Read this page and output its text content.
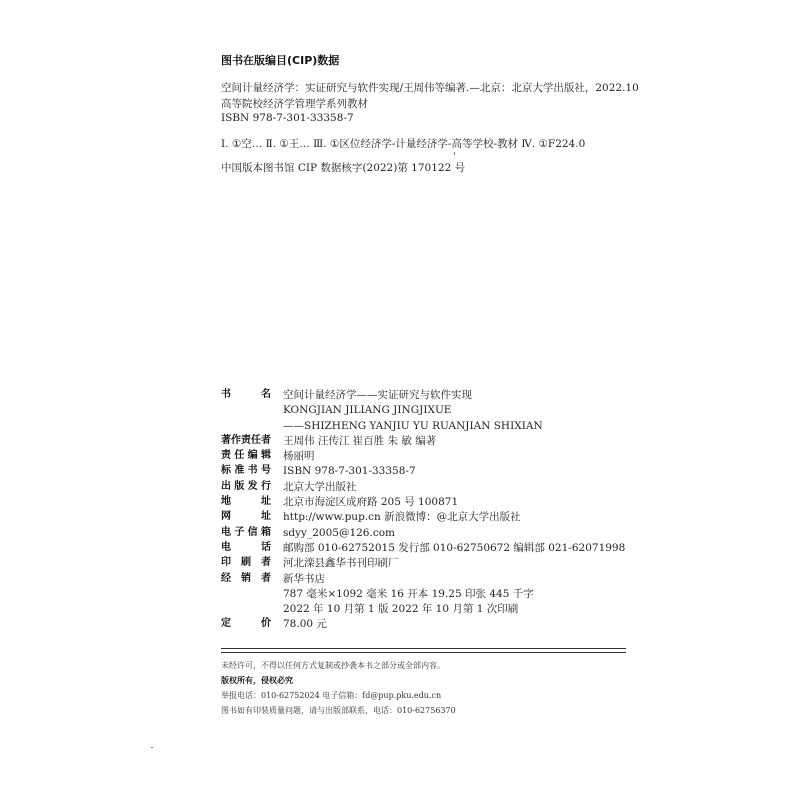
图书在版编目(CIP)数据
空间计量经济学：实证研究与软件实现/王周伟等编著.—北京：北京大学出版社，2022.10
高等院校经济学管理学系列教材
ISBN 978-7-301-33358-7
Ⅰ. ①空… Ⅱ. ①王… Ⅲ. ①区位经济学-计量经济学-高等学校-教材 Ⅳ. ①F224.0
中国版本图书馆 CIP 数据核字(2022)第 170122 号
书	名 空间计量经济学——实证研究与软件实现
KONGJIAN JILIANG JINGJIXUE
——SHIZHENG YANJIU YU RUANJIAN SHIXIAN
著 作 责 任 者 王周伟 汪传江 崔百胜 朱 敏 编著
责 任 编 辑 杨丽明
标 准 书 号 ISBN 978-7-301-33358-7
出 版 发 行 北京大学出版社
地	址 北京市海淀区成府路 205 号 100871
网	址 http://www.pup.cn 新浪微博：@北京大学出版社
电 子 信 箱 sdyy_2005@126.com
电	话 邮购部 010-62752015 发行部 010-62750672 编辑部 021-62071998
印 刷 者 河北滦县鑫华书刊印刷厂
经 销 者 新华书店
787 毫米×1092 毫米 16 开本 19.25 印张 445 千字
2022 年 10 月第 1 版 2022 年 10 月第 1 次印刷
定	价 78.00 元
未经许可，不得以任何方式复制或抄袭本书之部分或全部内容。
版权所有，侵权必究
举报电话：010-62752024 电子信箱：fd@pup.pku.edu.cn
图书如有印装质量问题，请与出版部联系，电话：010-62756370
